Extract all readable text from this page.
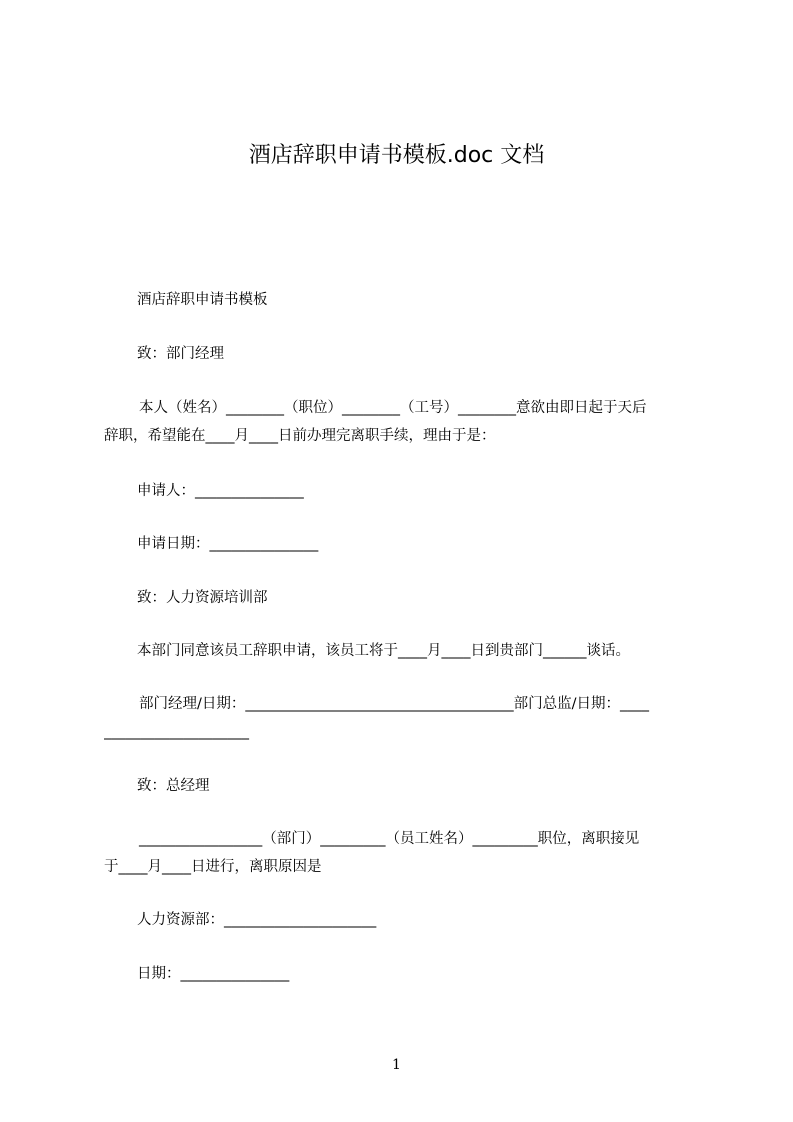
酒店辞职申请书模板.doc 文档
酒店辞职申请书模板
致：部门经理
本人（姓名）________（职位）________（工号）________意欲由即日起于天后
辞职，希望能在____月____日前办理完离职手续，理由于是：
申请人：_______________
申请日期：_______________
致：人力资源培训部
本部门同意该员工辞职申请，该员工将于____月____日到贵部门______谈话。
部门经理/日期：_____________________________________部门总监/日期：____
____________________
致：总经理
_________________（部门）_________（员工姓名）_________职位，离职接见
于____月____日进行，离职原因是
人力资源部：_____________________
日期：_______________
1
